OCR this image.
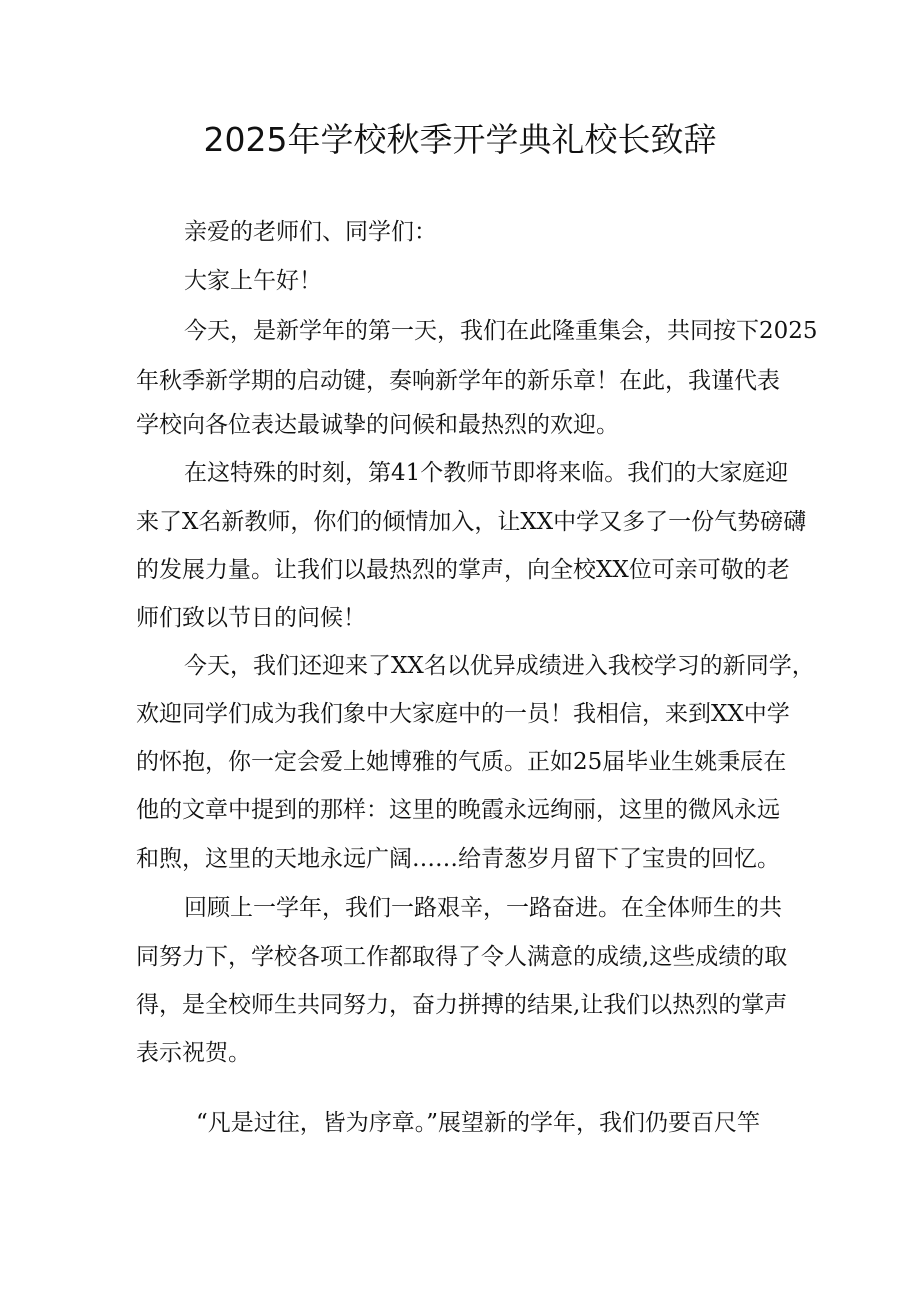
2025年学校秋季开学典礼校长致辞

亲爱的老师们、同学们：

大家上午好！

今天，是新学年的第一天，我们在此隆重集会，共同按下2025

年秋季新学期的启动键，奏响新学年的新乐章！在此，我谨代表

学校向各位表达最诚挚的问候和最热烈的欢迎。

在这特殊的时刻，第41个教师节即将来临。我们的大家庭迎

来了X名新教师，你们的倾情加入，让XX中学又多了一份气势磅礴

的发展力量。让我们以最热烈的掌声，向全校XX位可亲可敬的老

师们致以节日的问候！

今天，我们还迎来了XX名以优异成绩进入我校学习的新同学，

欢迎同学们成为我们象中大家庭中的一员！我相信，来到XX中学

的怀抱，你一定会爱上她博雅的气质。正如25届毕业生姚秉辰在

他的文章中提到的那样：这里的晚霞永远绚丽，这里的微风永远

和煦，这里的天地永远广阔……给青葱岁月留下了宝贵的回忆。

回顾上一学年，我们一路艰辛，一路奋进。在全体师生的共

同努力下，学校各项工作都取得了令人满意的成绩,这些成绩的取

得，是全校师生共同努力，奋力拼搏的结果,让我们以热烈的掌声

表示祝贺。

“凡是过往，皆为序章。”展望新的学年，我们仍要百尺竿
